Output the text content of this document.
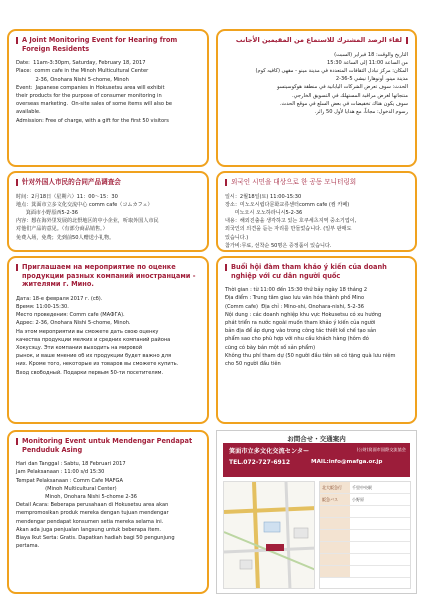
A Joint Monitoring Event for Hearing from Foreign Residents
Date:  11am-3:30pm, Saturday, February 18, 2017
Place:  comm cafe in the Minoh Multicultural Center
2-36, Onohara Nishi 5-chome, Minoh
Event:  Japanese companies in Hokusetsu area will exhibit
their products for the purpose of consumer monitoring in
overseas marketing.  On-site sales of some items will also be
available.
Admission: Free of charge, with a gift for the first 50 visitors
لقاء الرصد المشترك للاستماع من المقيمين الأجانب
التاريخ والوقت: 18 فبراير (السبت)
من الساعة 11:00 إلى الساعة 15:30
المكان: مركز تبادل الثقافات المتعددة في مدينة مينو - مقهى (كافيه كوم)
مدينة مينو، أونوهارا نيشي 5-36-2
الحدث: سوف تعرض الشركات اليابانية في منطقة هوكوسيتسو
منتجاتها لغرض مراقبة المستهلك في التسويق الخارجي.
سوف يكون هناك تخفيضات في بعض السلع في موقع الحدث.
رسوم الدخول: مجاناً، مع هدايا لأول 50 زائر.
针对外国人市民的合同产品调查会
时间：2月18日（星期六）11：00～15：30
地点：箕面市立多文化交流中心 comm cafe（コムカフェ）
箕面市小野原西5-2-36
内容：想在海外里发展的北摂地区的中小企业，听取外国人市民
对他们产品的意见。（有部分商品销售。）
免费入场，免费；先到前50人赠送小礼物。
외국인 시민을 대상으로 한 공동 모니터링회
일시：2월18일(토) 11:00-15:30
장소：미노오시립다문화교류센터comm cafe (컴 카페)
미노오시 오노하라니시5-2-36
내용：해외진출을 생각하고 있는 호쿠세츠지역 중소기업이,
외국인의 의견을 듣는 자리를 만들었습니다. (일부 판매도
있습니다.)
참가비:무료, 선착순 50명은 증정품이 있습니다.
Приглашаем на мероприятие по оценке продукции разных компаний иностранцами - жителями г. Минo.
Дата: 18-е февраля 2017 г. (сб).
Время: 11:00-15:30.
Место проведения: Comm cafe (МАФГА).
Адрес: 2-36, Onohara Nishi 5-chome, Minoh.
На этом мероприятии вы сможете дать свою оценку
качества продукции мелких и средних компаний района
Хокусэцу. Эти компании выходить на мировой
рынок, и ваше мнение об их продукции будет важно для
них. Кроме того, некоторые из товаров вы сможете купить.
Вход свободный. Подарки первым 50-ти посетителям.
Buổi hội đàm tham khảo ý kiến của doanh nghiệp với cư dân người quốc
Thời gian : từ 11:00 đến 15:30 thứ bảy ngày 18 tháng 2
Địa điểm : Trung tâm giao lưu văn hóa thành phố Mino
(Comm cafe)  Địa chỉ : Mino-shi, Onohara-nishi, 5-2-36
Nội dung : các doanh nghiệp khu vực Hokusetsu có xu hướng
phát triển ra nước ngoài muốn tham khảo ý kiến của người
bản địa để áp dụng vào trong công tác thiết kế chế tạo sản
phẩm sao cho phù hợp với nhu cầu khách hàng (hôm đó
cũng có bày bán một số sản phẩm)
Không thu phí tham dự (50 người đầu tiên sẽ có tặng quà lưu niệm
cho 50 người đầu tiên
Monitoring Event untuk Mendengar Pendapat Penduduk Asing
Hari dan Tanggal : Sabtu, 18 Februari 2017
Jam Pelaksanaan : 11:00 s/d 15:30
Tempat Pelaksanaan : Comm Cafe MAFGA
(Minoh Multicultural Center)
Minoh, Onohara Nishi 5-chome 2-36
Detail Acara: Beberapa perusahaan di Hokusetsu area akan
mempromosikan produk mereka dengan tujuan mendengar
mendengar pendapat konsumen setia mereka selama ini.
Akan ada juga penjualan langsung untuk beberapa item.
Biaya Ikut Serta: Gratis. Dapatkan hadiah bagi 50 pengunjung
pertama.
お問合せ・交通案内
箕面市立多文化交流センター	(公財)箕面市国際交流協会
TEL.072-727-6912	MAIL:info@mafga.or.jp
北大阪急行	千里中央駅
阪急バス	小野原
